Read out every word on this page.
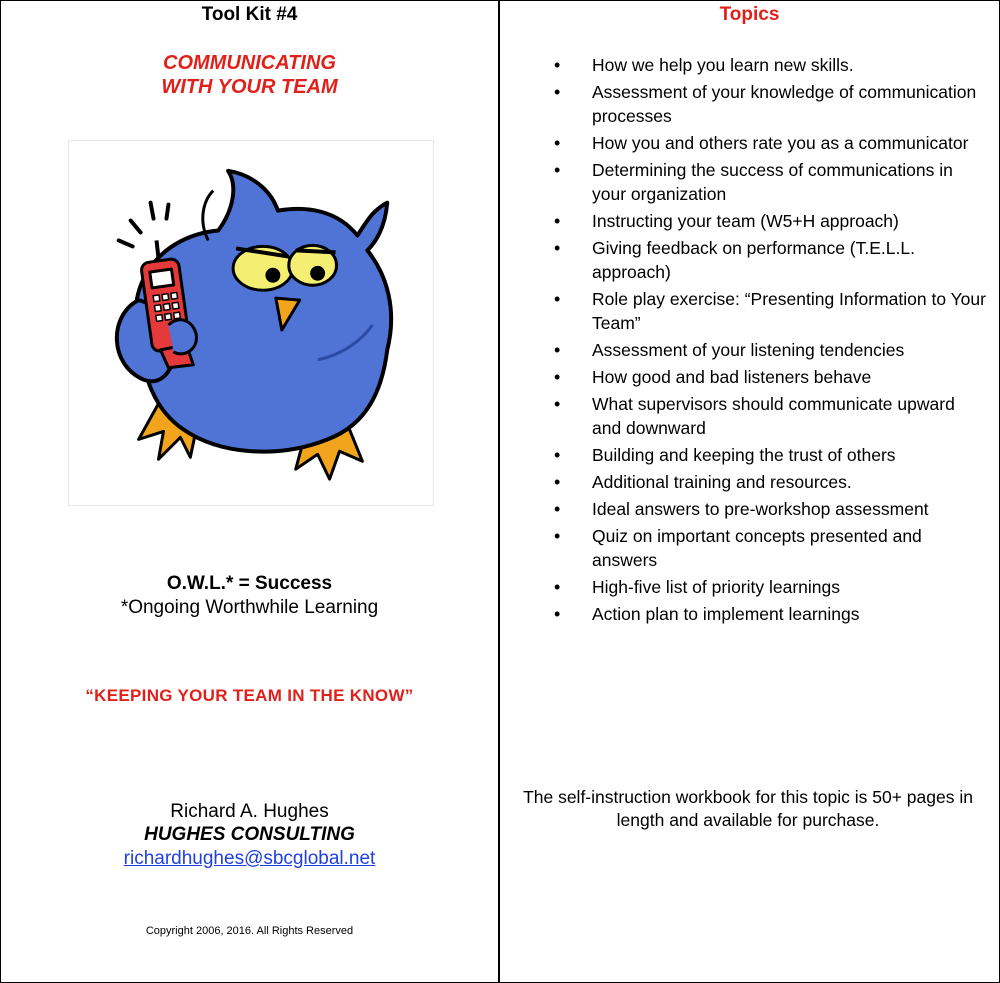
Tool Kit #4
COMMUNICATING
WITH YOUR TEAM
O.W.L.* = Success
*Ongoing Worthwhile Learning
“KEEPING YOUR TEAM IN THE KNOW”
Richard A. Hughes
HUGHES CONSULTING
richardhughes@sbcglobal.net
Copyright 2006, 2016. All Rights Reserved
Topics
• How we help you learn new skills.
• Assessment of your knowledge of communication processes
• How you and others rate you as a communicator
• Determining the success of communications in your organization
• Instructing your team (W5+H approach)
• Giving feedback on performance (T.E.L.L. approach)
• Role play exercise: “Presenting Information to Your Team”
• Assessment of your listening tendencies
• How good and bad listeners behave
• What supervisors should communicate upward and downward
• Building and keeping the trust of others
• Additional training and resources.
• Ideal answers to pre-workshop assessment
• Quiz on important concepts presented and answers
• High-five list of priority learnings
• Action plan to implement learnings
The self-instruction workbook for this topic is 50+ pages in length and available for purchase.
